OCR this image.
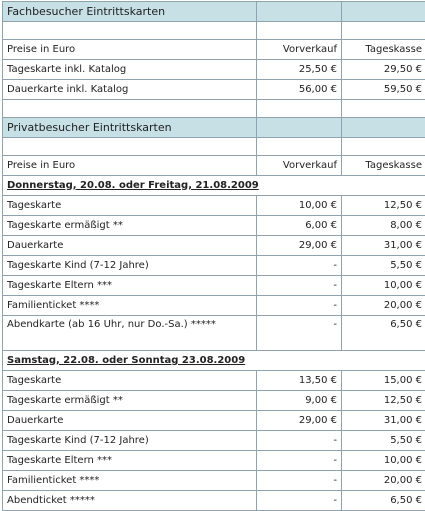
Fachbesucher Eintrittskarten		

Preise in Euro	Vorverkauf	Tageskasse
Tageskarte inkl. Katalog	25,50 €	29,50 €
Dauerkarte inkl. Katalog	56,00 €	59,50 €

Privatbesucher Eintrittskarten		

Preise in Euro	Vorverkauf	Tageskasse
Donnerstag, 20.08. oder Freitag, 21.08.2009		
Tageskarte	10,00 €	12,50 €
Tageskarte ermäßigt **	6,00 €	8,00 €
Dauerkarte	29,00 €	31,00 €
Tageskarte Kind (7-12 Jahre)	-	5,50 €
Tageskarte Eltern ***	-	10,00 €
Familienticket ****	-	20,00 €
Abendkarte (ab 16 Uhr, nur Do.-Sa.) *****	-	6,50 €
Samstag, 22.08. oder Sonntag 23.08.2009		
Tageskarte	13,50 €	15,00 €
Tageskarte ermäßigt **	9,00 €	12,50 €
Dauerkarte	29,00 €	31,00 €
Tageskarte Kind (7-12 Jahre)	-	5,50 €
Tageskarte Eltern ***	-	10,00 €
Familienticket ****	-	20,00 €
Abendticket *****	-	6,50 €
